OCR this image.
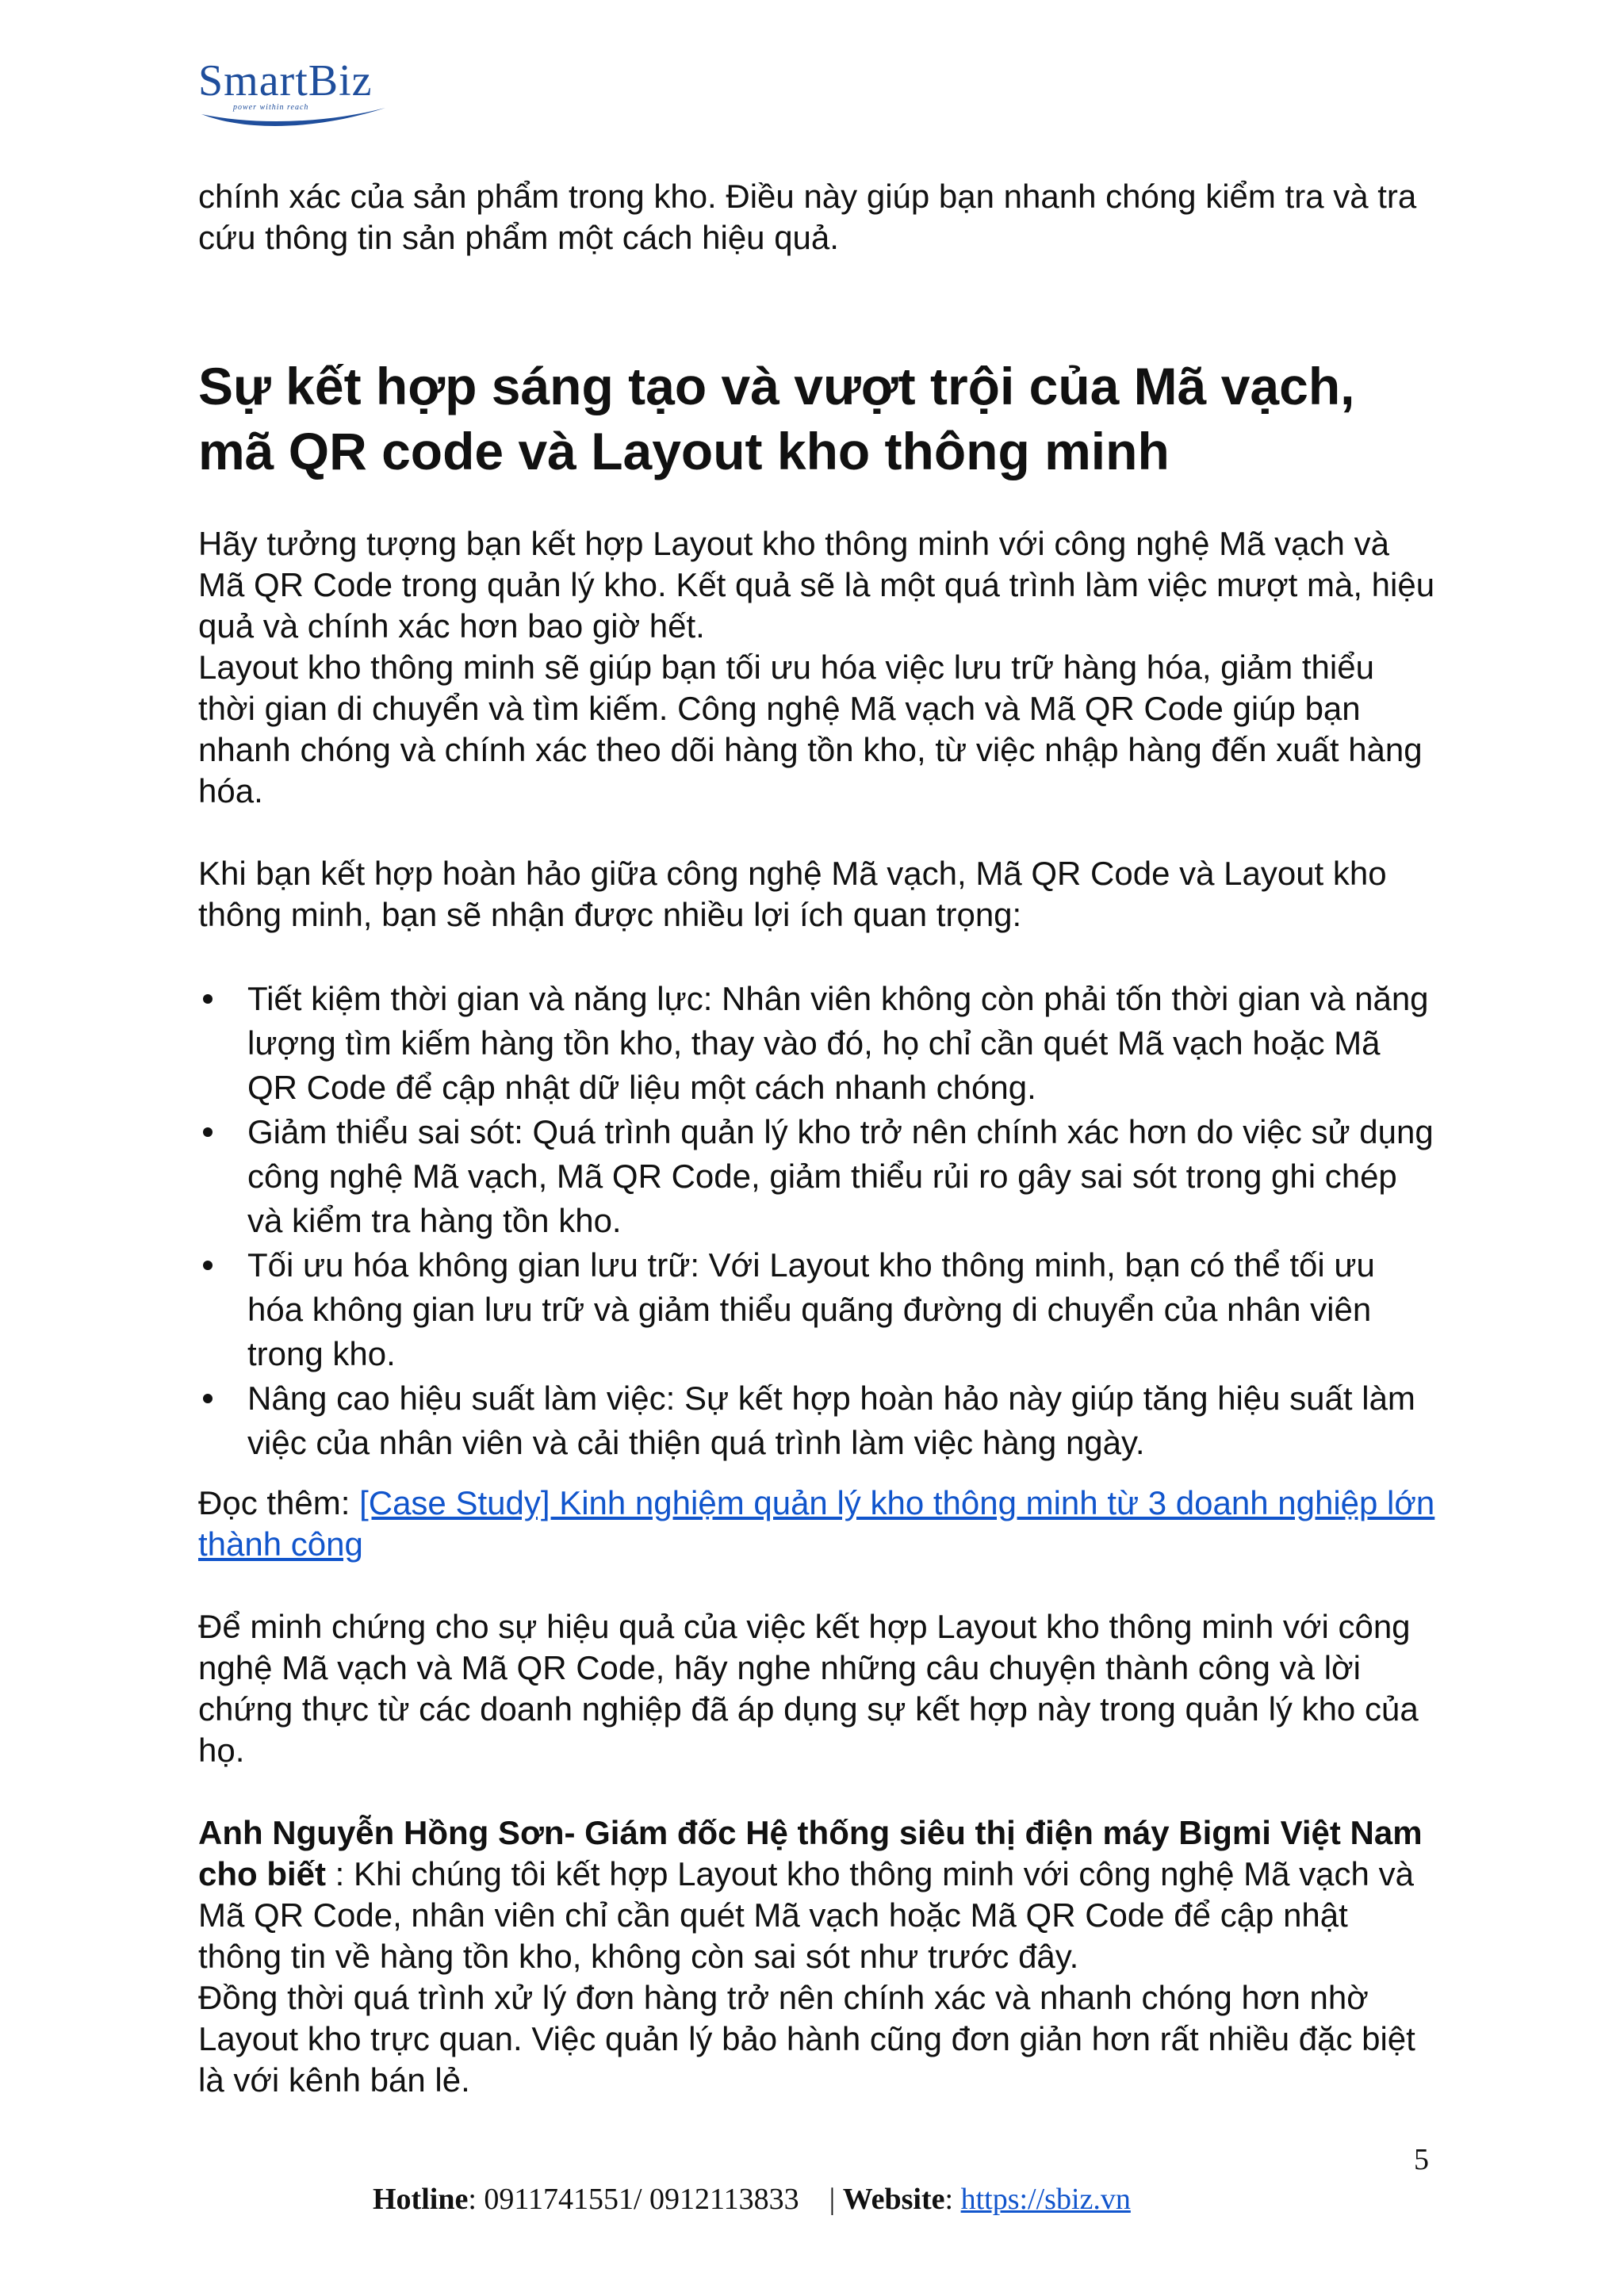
SmartBiz
power within reach

chính xác của sản phẩm trong kho. Điều này giúp bạn nhanh chóng kiểm tra và tra cứu thông tin sản phẩm một cách hiệu quả.

Sự kết hợp sáng tạo và vượt trội của Mã vạch, mã QR code và Layout kho thông minh

Hãy tưởng tượng bạn kết hợp Layout kho thông minh với công nghệ Mã vạch và Mã QR Code trong quản lý kho. Kết quả sẽ là một quá trình làm việc mượt mà, hiệu quả và chính xác hơn bao giờ hết.

Layout kho thông minh sẽ giúp bạn tối ưu hóa việc lưu trữ hàng hóa, giảm thiểu thời gian di chuyển và tìm kiếm. Công nghệ Mã vạch và Mã QR Code giúp bạn nhanh chóng và chính xác theo dõi hàng tồn kho, từ việc nhập hàng đến xuất hàng hóa.

Khi bạn kết hợp hoàn hảo giữa công nghệ Mã vạch, Mã QR Code và Layout kho thông minh, bạn sẽ nhận được nhiều lợi ích quan trọng:

Tiết kiệm thời gian và năng lực: Nhân viên không còn phải tốn thời gian và năng lượng tìm kiếm hàng tồn kho, thay vào đó, họ chỉ cần quét Mã vạch hoặc Mã QR Code để cập nhật dữ liệu một cách nhanh chóng.
Giảm thiểu sai sót: Quá trình quản lý kho trở nên chính xác hơn do việc sử dụng công nghệ Mã vạch, Mã QR Code, giảm thiểu rủi ro gây sai sót trong ghi chép và kiểm tra hàng tồn kho.
Tối ưu hóa không gian lưu trữ: Với Layout kho thông minh, bạn có thể tối ưu hóa không gian lưu trữ và giảm thiểu quãng đường di chuyển của nhân viên trong kho.
Nâng cao hiệu suất làm việc: Sự kết hợp hoàn hảo này giúp tăng hiệu suất làm việc của nhân viên và cải thiện quá trình làm việc hàng ngày.

Đọc thêm: [Case Study] Kinh nghiệm quản lý kho thông minh từ 3 doanh nghiệp lớn thành công

Để minh chứng cho sự hiệu quả của việc kết hợp Layout kho thông minh với công nghệ Mã vạch và Mã QR Code, hãy nghe những câu chuyện thành công và lời chứng thực từ các doanh nghiệp đã áp dụng sự kết hợp này trong quản lý kho của họ.

Anh Nguyễn Hồng Sơn- Giám đốc Hệ thống siêu thị điện máy Bigmi Việt Nam cho biết : Khi chúng tôi kết hợp Layout kho thông minh với công nghệ Mã vạch và Mã QR Code, nhân viên chỉ cần quét Mã vạch hoặc Mã QR Code để cập nhật thông tin về hàng tồn kho, không còn sai sót như trước đây.

Đồng thời quá trình xử lý đơn hàng trở nên chính xác và nhanh chóng hơn nhờ Layout kho trực quan. Việc quản lý bảo hành cũng đơn giản hơn rất nhiều đặc biệt là với kênh bán lẻ.

5
Hotline: 0911741551/ 0912113833 | Website: https://sbiz.vn
